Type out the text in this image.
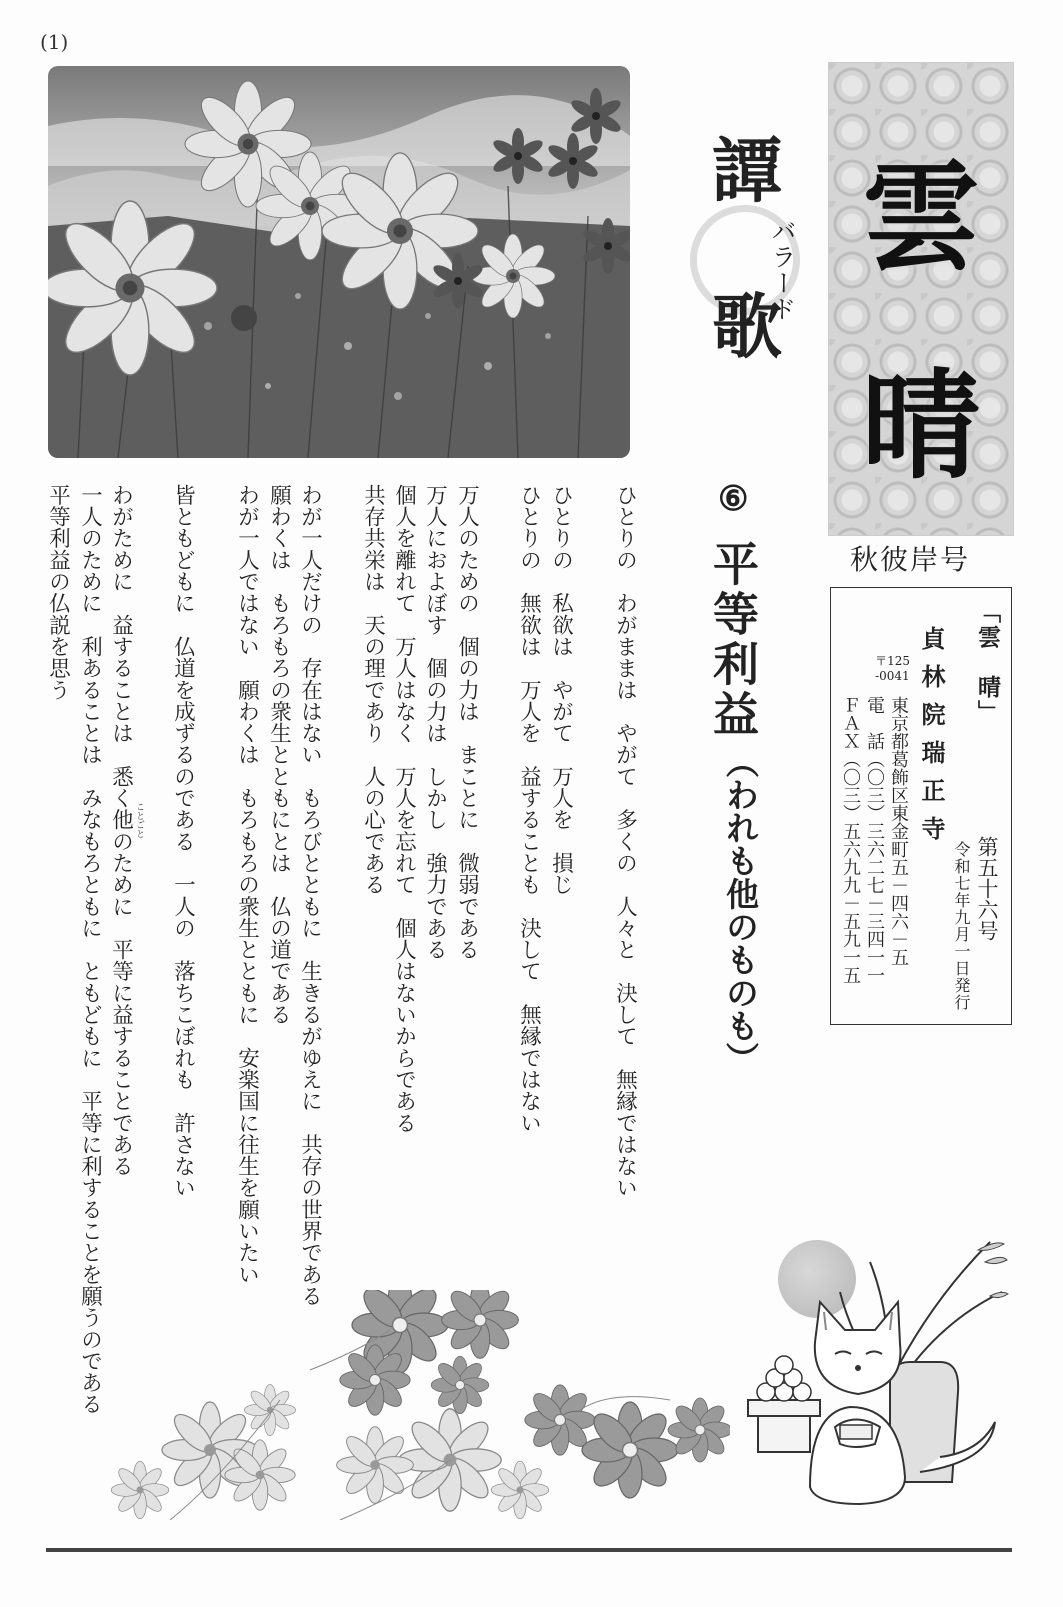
(1)
雲
晴
譚
歌
バラード
秋彼岸号
「雲　晴」
第五十六号
令和七年九月一日発行
貞林院瑞正寺
〒125
-0041
東京都葛飾区東金町五－四六－五
電　話（〇三）三六二七－三四一一
ＦＡＸ（〇三）五六九九－五九一五
⑥
平等利益
（われも他のものも）
ひとりの　わがままは　やがて　多くの　人々と　決して　無縁ではない
ひとりの　私欲は　やがて　万人を　損じ
ひとりの　無欲は　万人を　益することも　決して　無縁ではない
万人のための　個の力は　まことに　微弱である
万人におよぼす　個の力は　しかし　強力である
個人を離れて　万人はなく　万人を忘れて　個人はないからである
共存共栄は　天の理であり　人の心である
わが一人だけの　存在はない　もろびとともに　生きるがゆえに　共存の世界である
願わくは　もろもろの衆生とともにとは　仏の道である
わが一人ではない　願わくは　もろもろの衆生とともに　安楽国に往生を願いたい
皆ともどもに　仏道を成ずるのである　一人の　落ちこぼれも　許さない
わがために　益することは　悉く他のために　平等に益することである
一人のために　利あることは　みなもろともに　ともどもに　平等に利することを願うのである
平等利益の仏説を思う
ことごと
